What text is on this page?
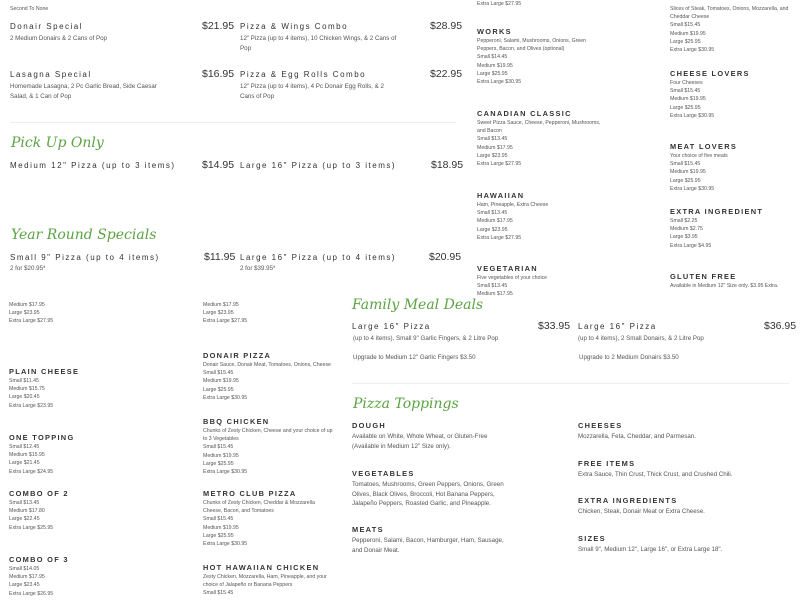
Second To None
Donair Special	$21.95
2 Medium Donairs & 2 Cans of Pop
Pizza & Wings Combo	$28.95
12" Pizza (up to 4 items), 10 Chicken Wings, & 2 Cans of Pop
Lasagna Special	$16.95
Homemade Lasagna, 2 Pc Garlic Bread, Side Caesar Salad, & 1 Can of Pop
Pizza & Egg Rolls Combo	$22.95
12" Pizza (up to 4 items), 4 Pc Donair Egg Rolls, & 2 Cans of Pop
Pick Up Only
Medium 12" Pizza (up to 3 items)	$14.95 Large 16" Pizza (up to 3 items)	$18.95
Year Round Specials
Small 9" Pizza (up to 4 items)	$11.95
2 for $20.95*
Large 16" Pizza (up to 4 items)	$20.95
2 for $39.95*
Family Meal Deals
Large 16" Pizza	$33.95
(up to 4 items), Small 9" Garlic Fingers, & 2 Litre Pop
Upgrade to Medium 12" Garlic Fingers $3.50
Large 16" Pizza	$36.95
(up to 4 items), 2 Small Donairs, & 2 Litre Pop
Upgrade to 2 Medium Donairs $3.50
Pizza Toppings
Medium $17.95
Large $23.95
Extra Large $27.95
PLAIN CHEESE
Small $11.45
Medium $15.75
Large $20.45
Extra Large $23.95
ONE TOPPING
Small $12.45
Medium $15.95
Large $21.45
Extra Large $24.95
COMBO OF 2
Small $13.45
Medium $17.80
Large $22.45
Extra Large $25.95
COMBO OF 3
Small $14.05
Medium $17.95
Large $23.45
Extra Large $26.95
Medium $17.95
Large $23.95
Extra Large $27.95
DONAIR PIZZA
Donair Sauce, Donair Meat, Tomatoes, Onions, Cheese
Small $15.45
Medium $19.95
Large $25.95
Extra Large $30.95
BBQ CHICKEN
Chunks of Zesty Chicken, Cheese and your choice of up to 3 Vegetables
Small $15.45
Medium $19.95
Large $25.95
Extra Large $30.95
METRO CLUB PIZZA
Chunks of Zesty Chicken, Cheddar & Mozzarella Cheese, Bacon, and Tomatoes
Small $15.45
Medium $19.95
Large $25.95
Extra Large $30.95
HOT HAWAIIAN CHICKEN
Zesty Chicken, Mozzarella, Ham, Pineapple, and your choice of Jalapeño or Banana Peppers
Small $15.45
Extra Large $27.95
WORKS
Pepperoni, Salami, Mushrooms, Onions, Green Peppers, Bacon, and Olives (optional)
Small $14.45
Medium $19.95
Large $25.95
Extra Large $30.95
CANADIAN CLASSIC
Sweet Pizza Sauce, Cheese, Pepperoni, Mushrooms, and Bacon
Small $13.45
Medium $17.95
Large $23.95
Extra Large $27.95
HAWAIIAN
Ham, Pineapple, Extra Cheese
Small $13.45
Medium $17.95
Large $23.95
Extra Large $27.95
VEGETARIAN
Five vegetables of your choice
Small $13.45
Medium $17.95
Slices of Steak, Tomatoes, Onions, Mozzarella, and Cheddar Cheese
Small $15.45
Medium $19.95
Large $25.95
Extra Large $30.95
CHEESE LOVERS
Four Cheeses
Small $15.45
Medium $19.95
Large $25.95
Extra Large $30.95
MEAT LOVERS
Your choice of five meats
Small $15.45
Medium $19.95
Large $25.95
Extra Large $30.95
EXTRA INGREDIENT
Small $2.25
Medium $2.75
Large $3.95
Extra Large $4.95
GLUTEN FREE
Available in Medium 12" Size only. $3.95 Extra.
DOUGH
Available on White, Whole Wheat, or Gluten-Free (Available in Medium 12" Size only).
VEGETABLES
Tomatoes, Mushrooms, Green Peppers, Onions, Green Olives, Black Olives, Broccoli, Hot Banana Peppers, Jalapeño Peppers, Roasted Garlic, and Pineapple.
MEATS
Pepperoni, Salami, Bacon, Hamburger, Ham, Sausage, and Donair Meat.
CHEESES
Mozzarella, Feta, Cheddar, and Parmesan.
FREE ITEMS
Extra Sauce, Thin Crust, Thick Crust, and Crushed Chili.
EXTRA INGREDIENTS
Chicken, Steak, Donair Meat or Extra Cheese.
SIZES
Small 9", Medium 12", Large 16", or Extra Large 18".
